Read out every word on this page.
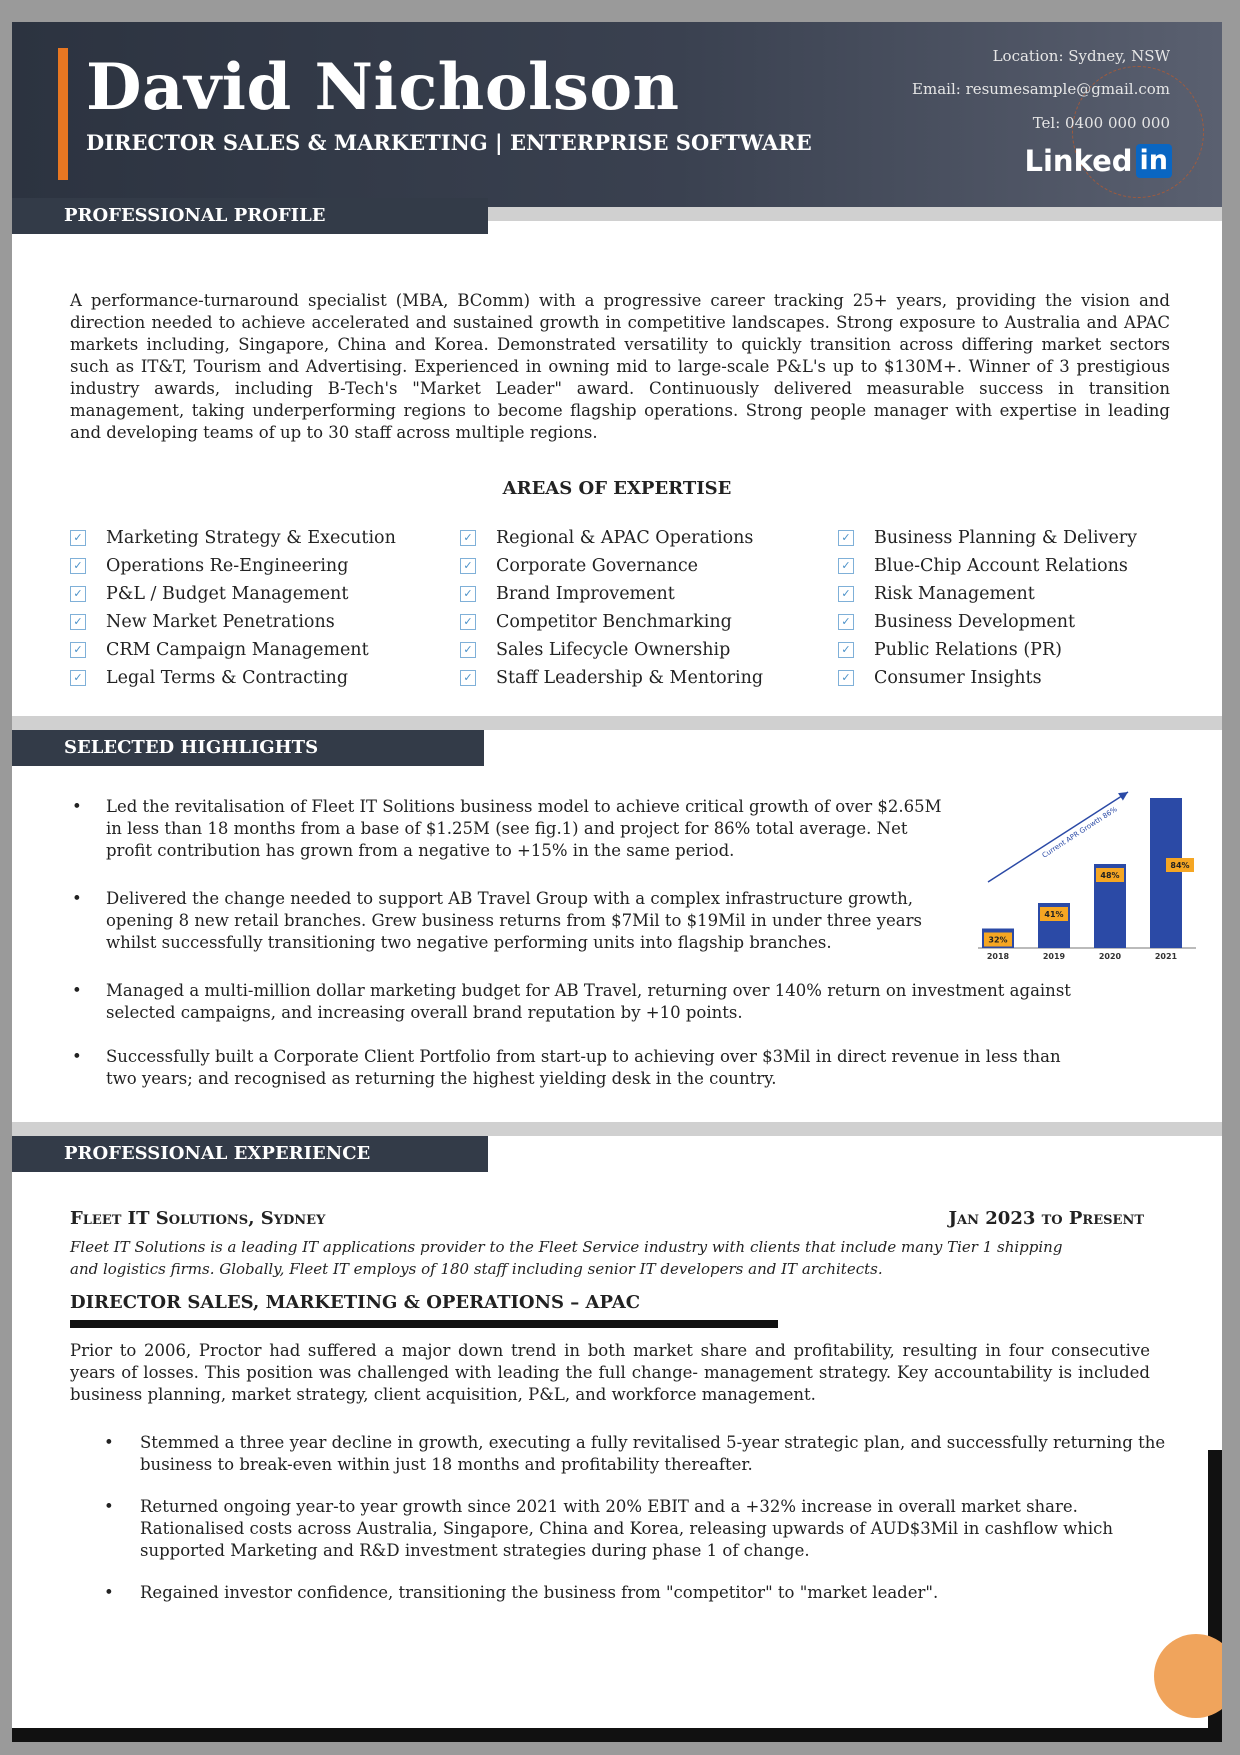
David Nicholson
DIRECTOR SALES & MARKETING | ENTERPRISE SOFTWARE
Location: Sydney, NSW
Email: resumesample@gmail.com
Tel: 0400 000 000
Linked in
PROFESSIONAL PROFILE
A performance-turnaround specialist (MBA, BComm) with a progressive career tracking 25+ years, providing the vision and direction needed to achieve accelerated and sustained growth in competitive landscapes. Strong exposure to Australia and APAC markets including, Singapore, China and Korea. Demonstrated versatility to quickly transition across differing market sectors such as IT&T, Tourism and Advertising. Experienced in owning mid to large-scale P&L's up to $130M+. Winner of 3 prestigious industry awards, including B-Tech's "Market Leader" award. Continuously delivered measurable success in transition management, taking underperforming regions to become flagship operations. Strong people manager with expertise in leading and developing teams of up to 30 staff across multiple regions.
AREAS OF EXPERTISE
✓ Marketing Strategy & Execution
✓ Operations Re-Engineering
✓ P&L / Budget Management
✓ New Market Penetrations
✓ CRM Campaign Management
✓ Legal Terms & Contracting
✓ Regional & APAC Operations
✓ Corporate Governance
✓ Brand Improvement
✓ Competitor Benchmarking
✓ Sales Lifecycle Ownership
✓ Staff Leadership & Mentoring
✓ Business Planning & Delivery
✓ Blue-Chip Account Relations
✓ Risk Management
✓ Business Development
✓ Public Relations (PR)
✓ Consumer Insights
SELECTED HIGHLIGHTS
• Led the revitalisation of Fleet IT Solitions business model to achieve critical growth of over $2.65M
in less than 18 months from a base of $1.25M (see fig.1) and project for 86% total average. Net
profit contribution has grown from a negative to +15% in the same period.
• Delivered the change needed to support AB Travel Group with a complex infrastructure growth,
opening 8 new retail branches. Grew business returns from $7Mil to $19Mil in under three years
whilst successfully transitioning two negative performing units into flagship branches.
• Managed a multi-million dollar marketing budget for AB Travel, returning over 140% return on investment against
selected campaigns, and increasing overall brand reputation by +10 points.
• Successfully built a Corporate Client Portfolio from start-up to achieving over $3Mil in direct revenue in less than
two years; and recognised as returning the highest yielding desk in the country.
32%
2018
41%
2019
48%
2020
84%
2021
Current APR Growth 86%
PROFESSIONAL EXPERIENCE
Fleet IT Solutions, Sydney	Jan 2023 to Present
Fleet IT Solutions is a leading IT applications provider to the Fleet Service industry with clients that include many Tier 1 shipping and logistics firms. Globally, Fleet IT employs of 180 staff including senior IT developers and IT architects.
DIRECTOR SALES, MARKETING & OPERATIONS – APAC
Prior to 2006, Proctor had suffered a major down trend in both market share and profitability, resulting in four consecutive years of losses. This position was challenged with leading the full change- management strategy. Key accountability is included business planning, market strategy, client acquisition, P&L, and workforce management.
• Stemmed a three year decline in growth, executing a fully revitalised 5-year strategic plan, and successfully returning the business to break-even within just 18 months and profitability thereafter.
• Returned ongoing year-to year growth since 2021 with 20% EBIT and a +32% increase in overall market share. Rationalised costs across Australia, Singapore, China and Korea, releasing upwards of AUD$3Mil in cashflow which supported Marketing and R&D investment strategies during phase 1 of change.
• Regained investor confidence, transitioning the business from "competitor" to "market leader".
